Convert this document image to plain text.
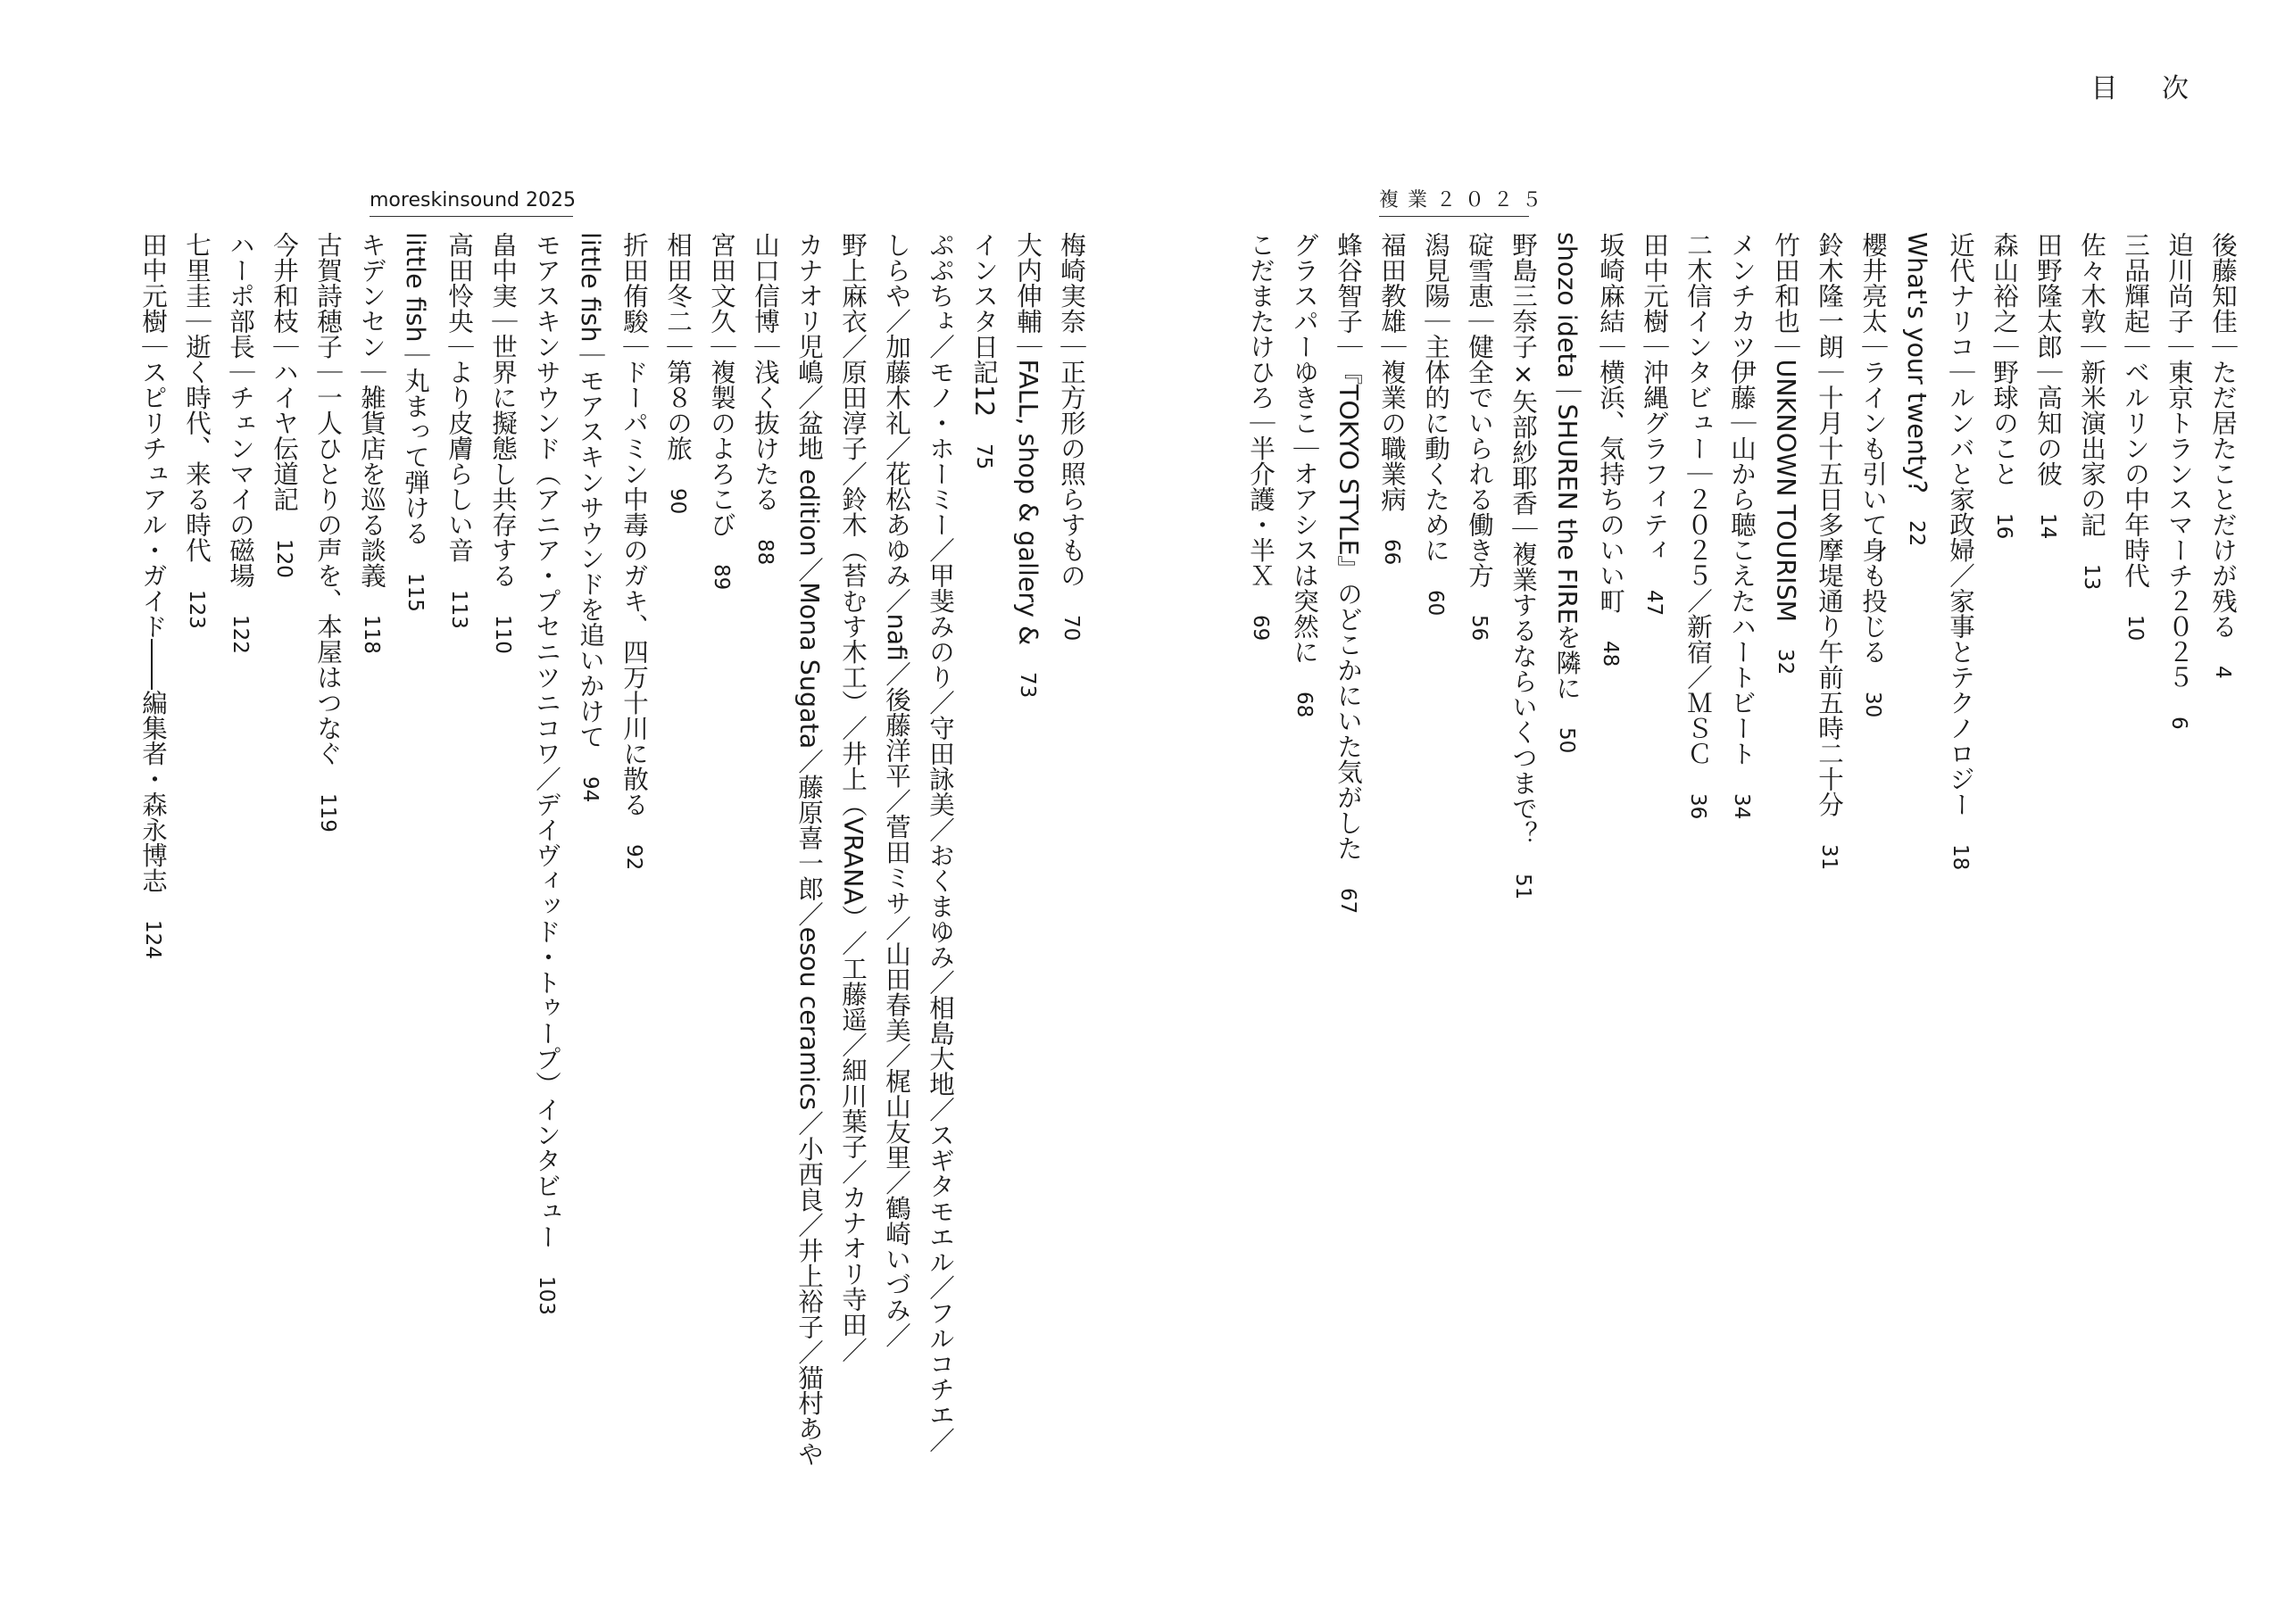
目 次
複業２０２５
moreskinsound 2025
後藤知佳｜ただ居たことだけが残る4
迫川尚子｜東京トランスマーチ２０２５6
三品輝起｜ベルリンの中年時代10
佐々木敦｜新米演出家の記13
田野隆太郎｜高知の彼14
森山裕之｜野球のこと16
近代ナリコ｜ルンバと家政婦／家事とテクノロジー18
What's your twenty?22
櫻井亮太｜ラインも引いて身も投じる30
鈴木隆一朗｜十月十五日多摩堤通り午前五時二十分31
竹田和也｜UNKNOWN TOURISM32
メンチカツ伊藤｜山から聴こえたハートビート34
二木信インタビュー｜２０２５／新宿／ＭＳＣ36
田中元樹｜沖縄グラフィティ47
坂崎麻結｜横浜、気持ちのいい町48
shozo ideta｜SHUREN the FIREを隣に50
野島三奈子×矢部紗耶香｜複業するならいくつまで？51
碇雪恵｜健全でいられる働き方56
潟見陽｜主体的に動くために60
福田教雄｜複業の職業病66
蜂谷智子｜『TOKYO STYLE』のどこかにいた気がした67
グラスパーゆきこ｜オアシスは突然に68
こだまたけひろ｜半介護・半Ｘ69
梅崎実奈｜正方形の照らすもの70
大内伸輔｜FALL, shop & gallery &73
インスタ日記1275
ぷぷちょ／モノ・ホーミー／甲斐みのり／守田詠美／おくまゆみ／相島大地／スギタモエル／フルコチエ／
しらや／加藤木礼／花松あゆみ／nafi／後藤洋平／菅田ミサ／山田春美／梶山友里／鶴崎いづみ／
野上麻衣／原田淳子／鈴木（苔むす木工）／井上（VRANA）／工藤遥／細川葉子／カナオリ寺田／
カナオリ児嶋／盆地 edition／Mona Sugata／藤原喜一郎／esou ceramics／小西良／井上裕子／猫村あや
山口信博｜浅く抜けたる88
宮田文久｜複製のよろこび89
相田冬二｜第８の旅90
折田侑駿｜ドーパミン中毒のガキ、四万十川に散る92
little fish｜モアスキンサウンドを追いかけて94
モアスキンサウンド（アニア・プセニツニコワ／デイヴィッド・トゥープ）インタビュー103
畠中実｜世界に擬態し共存する110
高田怜央｜より皮膚らしい音113
little fish｜丸まって弾ける115
キデンセン｜雑貨店を巡る談義118
古賀詩穂子｜一人ひとりの声を、本屋はつなぐ119
今井和枝｜ハイヤ伝道記120
ハーポ部長｜チェンマイの磁場122
七里圭｜逝く時代、来る時代123
田中元樹｜スピリチュアル・ガイド――編集者・森永博志124
